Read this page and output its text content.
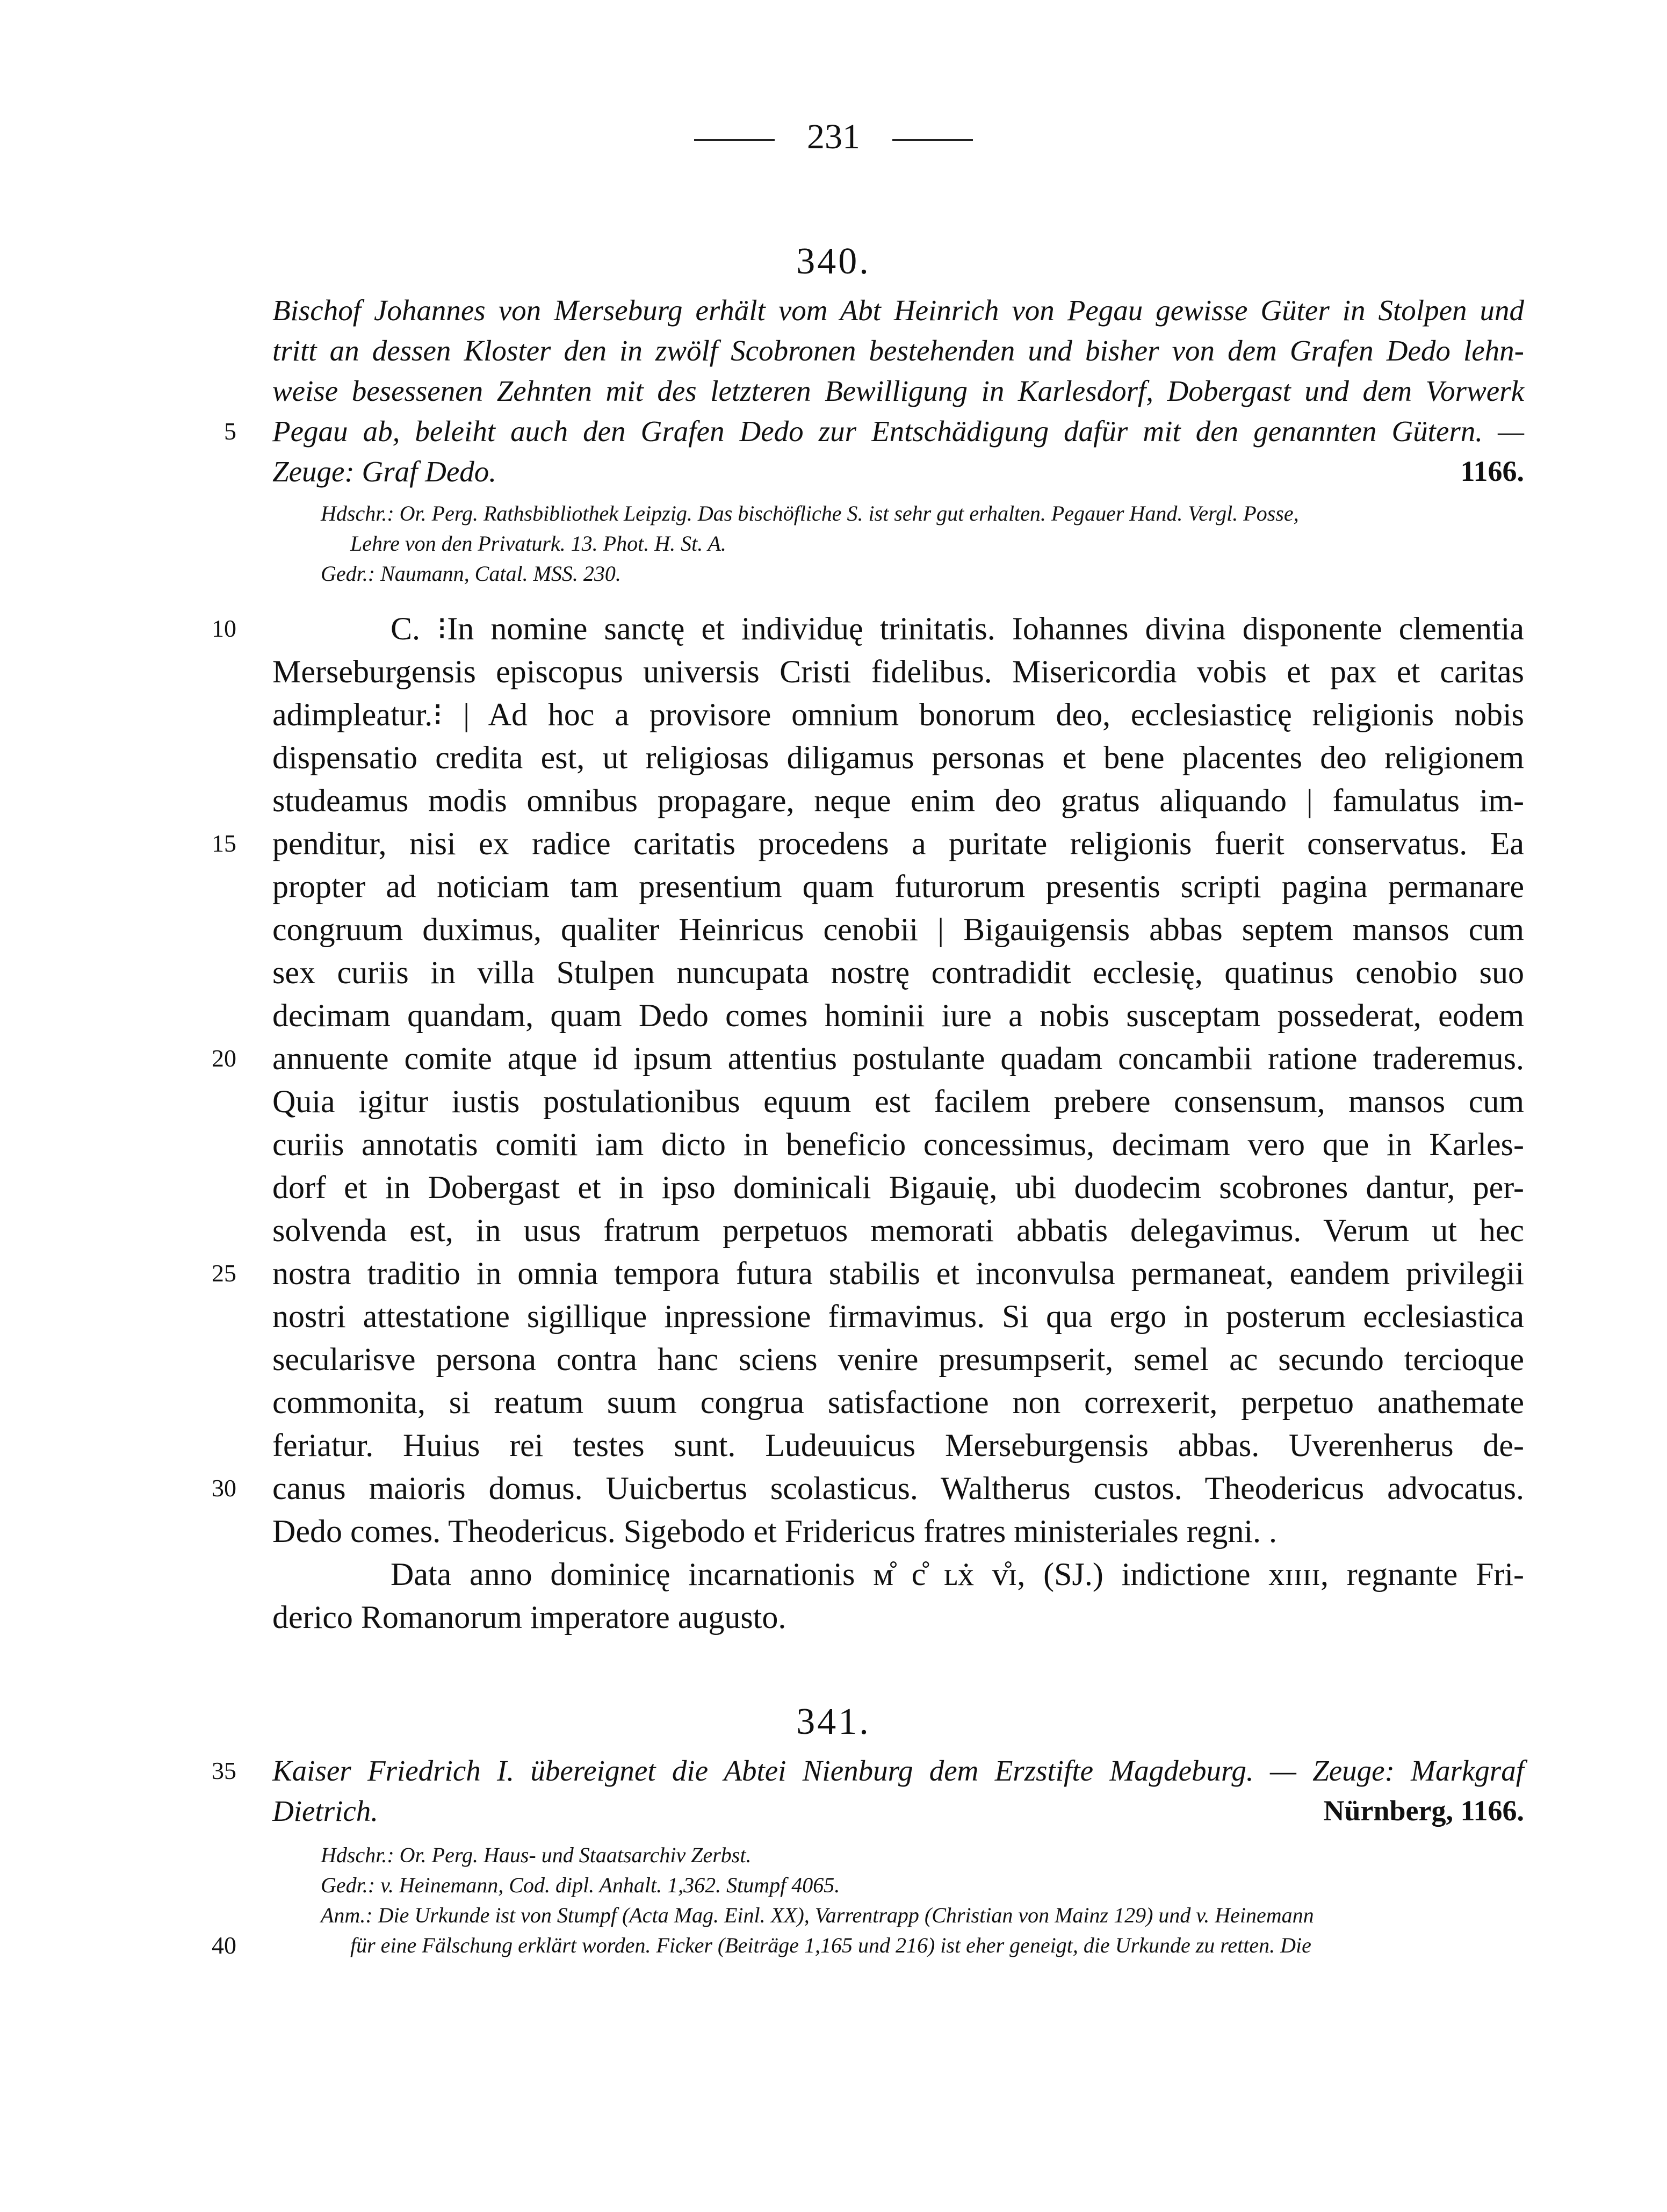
231
340.
Bischof Johannes von Merseburg erhält vom Abt Heinrich von Pegau gewisse Güter in Stolpen und
tritt an dessen Kloster den in zwölf Scobronen bestehenden und bisher von dem Grafen Dedo lehn-
weise besessenen Zehnten mit des letzteren Bewilligung in Karlesdorf, Dobergast und dem Vorwerk
Pegau ab, beleiht auch den Grafen Dedo zur Entschädigung dafür mit den genannten Gütern. —
Zeuge: Graf Dedo.	1166.
5
Hdschr.: Or. Perg. Rathsbibliothek Leipzig. Das bischöfliche S. ist sehr gut erhalten. Pegauer Hand. Vergl. Posse,
Lehre von den Privaturk. 13. Phot. H. St. A.
Gedr.: Naumann, Catal. MSS. 230.
C. ⁝In nomine sanctę et individuę trinitatis. Iohannes divina disponente clementia
10
Merseburgensis episcopus universis Cristi fidelibus. Misericordia vobis et pax et caritas
adimpleatur.⁝ | Ad hoc a provisore omnium bonorum deo, ecclesiasticę religionis nobis
dispensatio credita est, ut religiosas diligamus personas et bene placentes deo religionem
studeamus modis omnibus propagare, neque enim deo gratus aliquando | famulatus im-
penditur, nisi ex radice caritatis procedens a puritate religionis fuerit conservatus. Ea
15
propter ad noticiam tam presentium quam futurorum presentis scripti pagina permanare
congruum duximus, qualiter Heinricus cenobii | Bigauigensis abbas septem mansos cum
sex curiis in villa Stulpen nuncupata nostrę contradidit ecclesię, quatinus cenobio suo
decimam quandam, quam Dedo comes hominii iure a nobis susceptam possederat, eodem
annuente comite atque id ipsum attentius postulante quadam concambii ratione traderemus.
20
Quia igitur iustis postulationibus equum est facilem prebere consensum, mansos cum
curiis annotatis comiti iam dicto in beneficio concessimus, decimam vero que in Karles-
dorf et in Dobergast et in ipso dominicali Bigauię, ubi duodecim scobrones dantur, per-
solvenda est, in usus fratrum perpetuos memorati abbatis delegavimus. Verum ut hec
nostra traditio in omnia tempora futura stabilis et inconvulsa permaneat, eandem privilegii
25
nostri attestatione sigillique inpressione firmavimus. Si qua ergo in posterum ecclesiastica
secularisve persona contra hanc sciens venire presumpserit, semel ac secundo tercioque
commonita, si reatum suum congrua satisfactione non correxerit, perpetuo anathemate
feriatur. Huius rei testes sunt. Ludeuuicus Merseburgensis abbas. Uverenherus de-
canus maioris domus. Uuicbertus scolasticus. Waltherus custos. Theodericus advocatus.
30
Dedo comes. Theodericus. Sigebodo et Fridericus fratres ministeriales regni. .
Data anno dominicę incarnationis ᴍ̊ c̊ ʟẋ v̊ɪ, (SJ.) indictione xɪɪɪɪ, regnante Fri-
derico Romanorum imperatore augusto.
341.
Kaiser Friedrich I. übereignet die Abtei Nienburg dem Erzstifte Magdeburg. — Zeuge: Markgraf
35
Dietrich.	Nürnberg, 1166.
Hdschr.: Or. Perg. Haus- und Staatsarchiv Zerbst.
Gedr.: v. Heinemann, Cod. dipl. Anhalt. 1,362. Stumpf 4065.
Anm.: Die Urkunde ist von Stumpf (Acta Mag. Einl. XX), Varrentrapp (Christian von Mainz 129) und v. Heinemann
für eine Fälschung erklärt worden. Ficker (Beiträge 1,165 und 216) ist eher geneigt, die Urkunde zu retten. Die
40
